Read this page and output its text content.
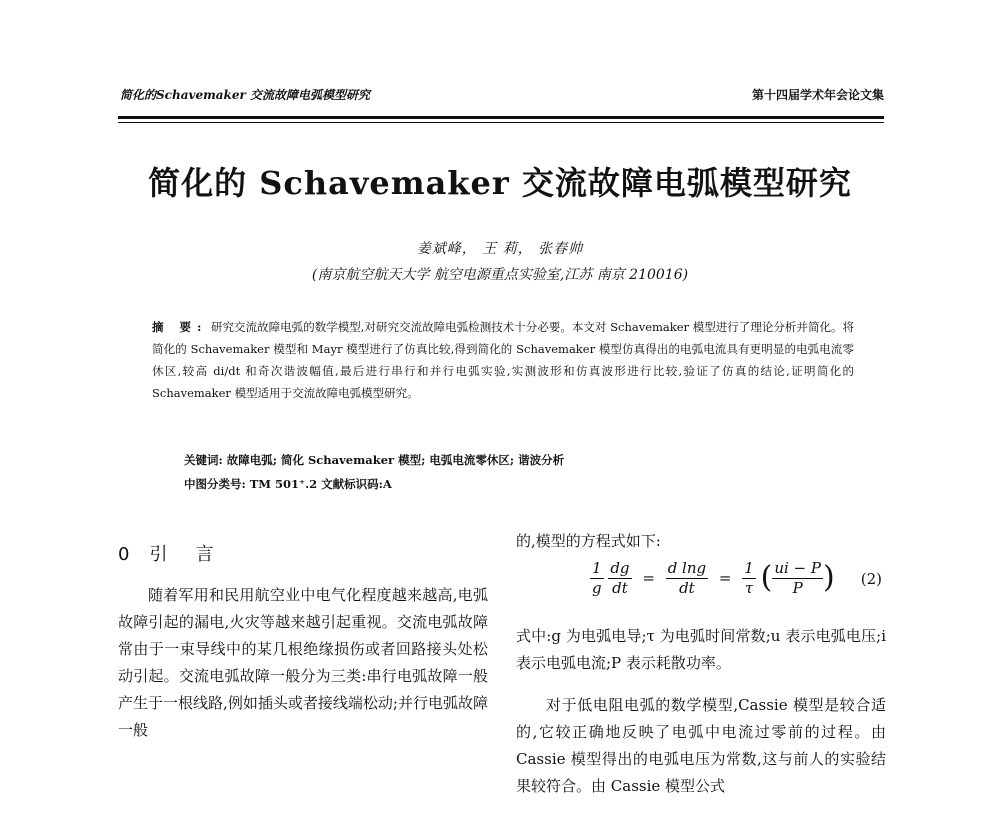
简化的Schavemaker 交流故障电弧模型研究	第十四届学术年会论文集
简化的 Schavemaker 交流故障电弧模型研究
姜斌峰， 王 莉， 张春帅
(南京航空航天大学 航空电源重点实验室,江苏 南京 210016)
摘 要: 研究交流故障电弧的数学模型,对研究交流故障电弧检测技术十分必要。本文对 Schavemaker 模型进行了理论分析并简化。将简化的 Schavemaker 模型和 Mayr 模型进行了仿真比较,得到简化的 Schavemaker 模型仿真得出的电弧电流具有更明显的电弧电流零休区,较高 di/dt 和奇次谐波幅值,最后进行串行和并行电弧实验,实测波形和仿真波形进行比较,验证了仿真的结论,证明简化的 Schavemaker 模型适用于交流故障电弧模型研究。
关键词: 故障电弧; 简化 Schavemaker 模型; 电弧电流零休区; 谐波分析
中图分类号: TM 501⁺.2 文献标识码:A
0 引 言

随着军用和民用航空业中电气化程度越来越高,电弧故障引起的漏电,火灾等越来越引起重视。交流电弧故障常由于一束导线中的某几根绝缘损伤或者回路接头处松动引起。交流电弧故障一般分为三类:串行电弧故障一般产生于一根线路,例如插头或者接线端松动;并行电弧故障一般

的,模型的方程式如下:

$\frac{1}{g}$
$\frac{dg}{dt} = \frac{\text{d lng}}{dt} = \frac{1}{\tau}$ ( $\frac{ui - P}{P}$ ) (2)

式中:g 为电弧电导;τ 为电弧时间常数;u 表示电弧电压;i 表示电弧电流;P 表示耗散功率。

对于低电阻电弧的数学模型,Cassie 模型是较合适的,它较正确地反映了电弧中电流过零前的过程。由 Cassie 模型得出的电弧电压为常数,这与前人的实验结果较符合。由 Cassie 模型公式
